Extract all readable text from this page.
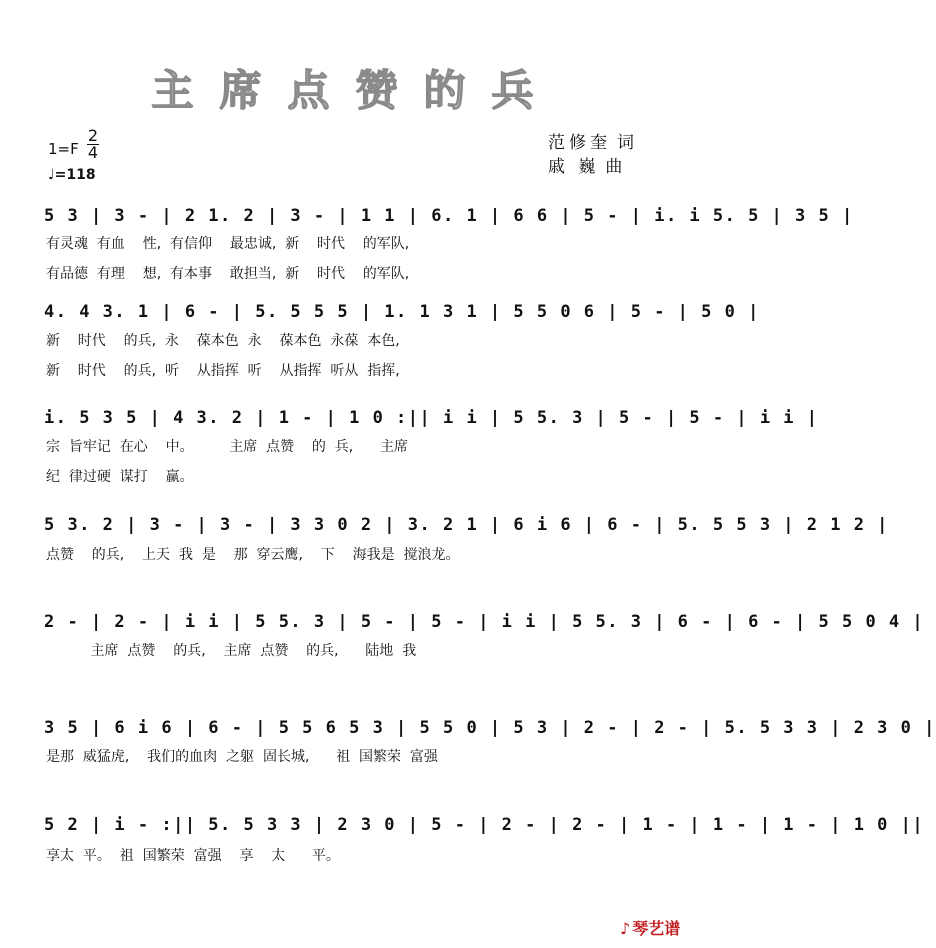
主席点赞的兵
1=F
2
4
♩=118
范修奎 词
戚 巍 曲
5 3 | 3 - | 2 1. 2 | 3 - | 1 1 | 6. 1 | 6 6 | 5 - | i. i 5. 5 | 3 5 |
有灵魂  有血    性,  有信仰    最忠诚,  新    时代    的军队,
有品德  有理    想,  有本事    敢担当,  新    时代    的军队,
4. 4 3. 1 | 6 - | 5. 5 5 5 | 1. 1 3 1 | 5 5 0 6 | 5 - | 5 0 |
新    时代    的兵,  永    葆本色  永    葆本色  永葆  本色,
新    时代    的兵,  听    从指挥  听    从指挥  听从  指挥,
i. 5 3 5 | 4 3. 2 | 1 - | 1 0 :|| i i | 5 5. 3 | 5 - | 5 - | i i |
宗  旨牢记  在心    中。        主席  点赞    的  兵,      主席
纪  律过硬  谋打    赢。
5 3. 2 | 3 - | 3 - | 3 3 0 2 | 3. 2 1 | 6 i 6 | 6 - | 5. 5 5 3 | 2 1 2 |
点赞    的兵,    上天  我  是    那  穿云鹰,    下    海我是  搅浪龙。
2 - | 2 - | i i | 5 5. 3 | 5 - | 5 - | i i | 5 5. 3 | 6 - | 6 - | 5 5 0 4 |
主席  点赞    的兵,    主席  点赞    的兵,      陆地  我
3 5 | 6 i 6 | 6 - | 5 5 6 5 3 | 5 5 0 | 5 3 | 2 - | 2 - | 5. 5 3 3 | 2 3 0 |
是那  威猛虎,    我们的血肉  之躯  固长城,      祖  国繁荣  富强
5 2 | i - :|| 5. 5 3 3 | 2 3 0 | 5 - | 2 - | 2 - | 1 - | 1 - | 1 - | 1 0 ||
享太  平。  祖  国繁荣  富强    享    太      平。
♪ 琴艺谱
